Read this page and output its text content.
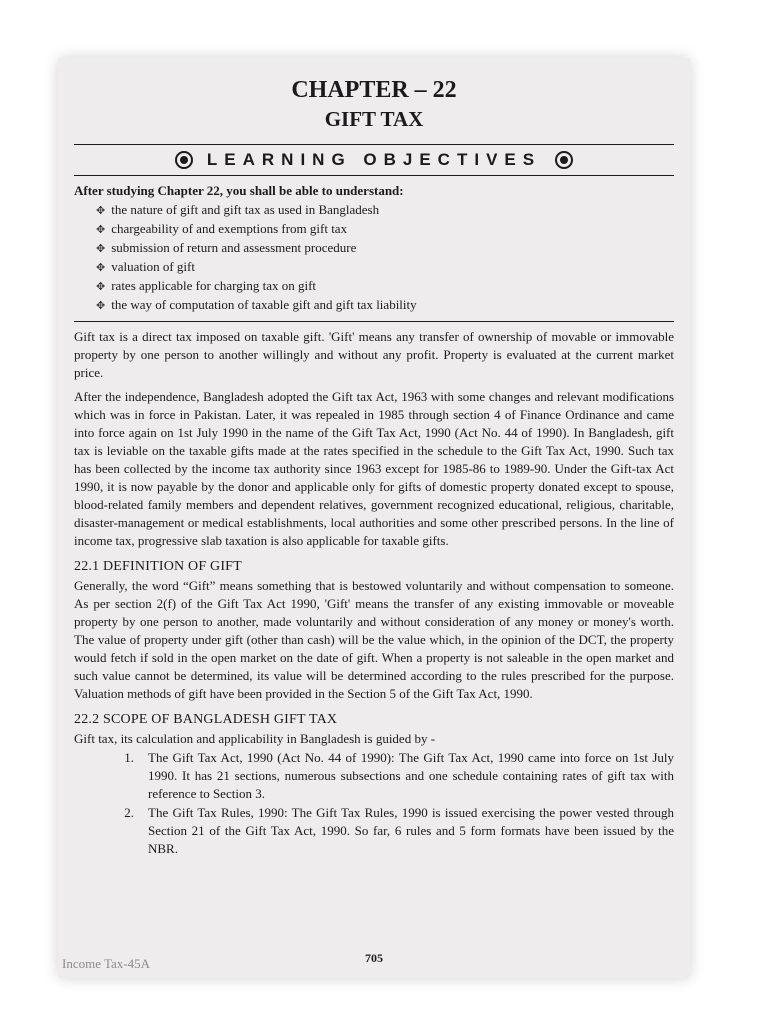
CHAPTER – 22
GIFT TAX
LEARNING OBJECTIVES

After studying Chapter 22, you shall be able to understand:

✥ the nature of gift and gift tax as used in Bangladesh
✥ chargeability of and exemptions from gift tax
✥ submission of return and assessment procedure
✥ valuation of gift
✥ rates applicable for charging tax on gift
✥ the way of computation of taxable gift and gift tax liability

Gift tax is a direct tax imposed on taxable gift. 'Gift' means any transfer of ownership of movable or immovable property by one person to another willingly and without any profit. Property is evaluated at the current market price.

After the independence, Bangladesh adopted the Gift tax Act, 1963 with some changes and relevant modifications which was in force in Pakistan. Later, it was repealed in 1985 through section 4 of Finance Ordinance and came into force again on 1st July 1990 in the name of the Gift Tax Act, 1990 (Act No. 44 of 1990). In Bangladesh, gift tax is leviable on the taxable gifts made at the rates specified in the schedule to the Gift Tax Act, 1990. Such tax has been collected by the income tax authority since 1963 except for 1985-86 to 1989-90. Under the Gift-tax Act 1990, it is now payable by the donor and applicable only for gifts of domestic property donated except to spouse, blood-related family members and dependent relatives, government recognized educational, religious, charitable, disaster-management or medical establishments, local authorities and some other prescribed persons. In the line of income tax, progressive slab taxation is also applicable for taxable gifts.

22.1 DEFINITION OF GIFT

Generally, the word “Gift” means something that is bestowed voluntarily and without compensation to someone. As per section 2(f) of the Gift Tax Act 1990, 'Gift' means the transfer of any existing immovable or moveable property by one person to another, made voluntarily and without consideration of any money or money's worth. The value of property under gift (other than cash) will be the value which, in the opinion of the DCT, the property would fetch if sold in the open market on the date of gift. When a property is not saleable in the open market and such value cannot be determined, its value will be determined according to the rules prescribed for the purpose. Valuation methods of gift have been provided in the Section 5 of the Gift Tax Act, 1990.

22.2 SCOPE OF BANGLADESH GIFT TAX

Gift tax, its calculation and applicability in Bangladesh is guided by -

1.	The Gift Tax Act, 1990 (Act No. 44 of 1990): The Gift Tax Act, 1990 came into force on 1st July 1990. It has 21 sections, numerous subsections and one schedule containing rates of gift tax with reference to Section 3.
2.	The Gift Tax Rules, 1990: The Gift Tax Rules, 1990 is issued exercising the power vested through Section 21 of the Gift Tax Act, 1990. So far, 6 rules and 5 form formats have been issued by the NBR.
Income Tax-45A	705
